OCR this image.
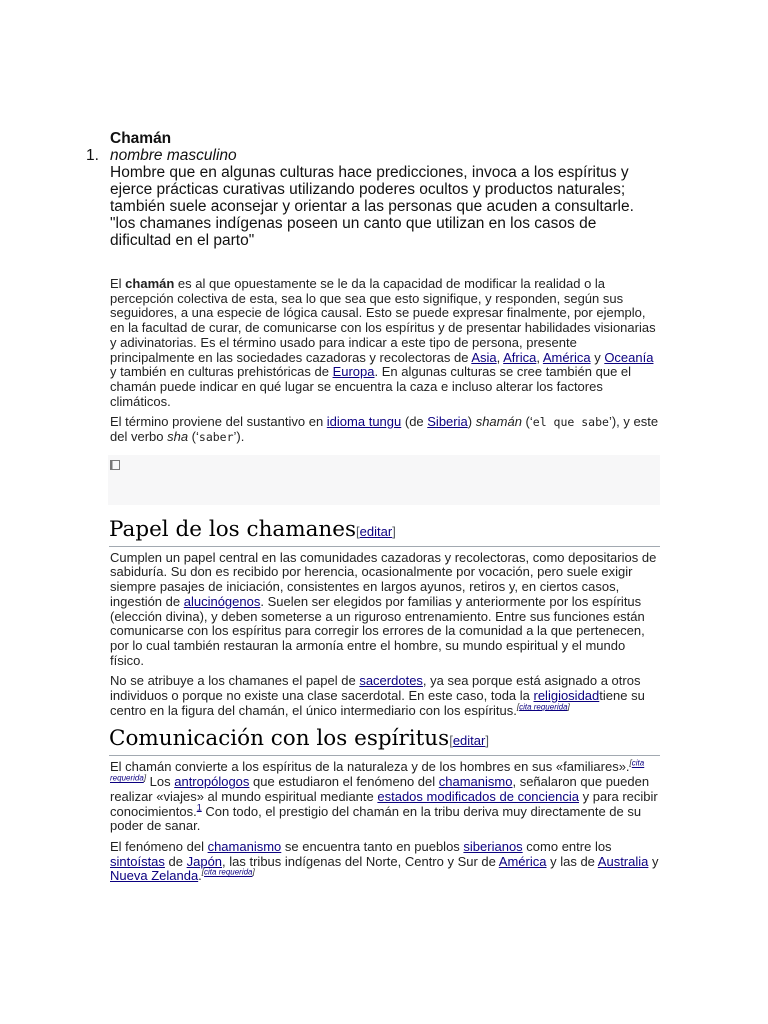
Chamán
1. nombre masculino
Hombre que en algunas culturas hace predicciones, invoca a los espíritus y ejerce prácticas curativas utilizando poderes ocultos y productos naturales; también suele aconsejar y orientar a las personas que acuden a consultarle.
"los chamanes indígenas poseen un canto que utilizan en los casos de dificultad en el parto"

El chamán es al que opuestamente se le da la capacidad de modificar la realidad o la percepción colectiva de esta, sea lo que sea que esto signifique, y responden, según sus seguidores, a una especie de lógica causal. Esto se puede expresar finalmente, por ejemplo, en la facultad de curar, de comunicarse con los espíritus y de presentar habilidades visionarias y adivinatorias. Es el término usado para indicar a este tipo de persona, presente principalmente en las sociedades cazadoras y recolectoras de Asia, Africa, América y Oceanía y también en culturas prehistóricas de Europa. En algunas culturas se cree también que el chamán puede indicar en qué lugar se encuentra la caza e incluso alterar los factores climáticos.

El término proviene del sustantivo en idioma tungu (de Siberia) shamán (‘el que sabe’), y este del verbo sha (‘saber’).

Papel de los chamanes[editar]

Cumplen un papel central en las comunidades cazadoras y recolectoras, como depositarios de sabiduría. Su don es recibido por herencia, ocasionalmente por vocación, pero suele exigir siempre pasajes de iniciación, consistentes en largos ayunos, retiros y, en ciertos casos, ingestión de alucinógenos. Suelen ser elegidos por familias y anteriormente por los espíritus (elección divina), y deben someterse a un riguroso entrenamiento. Entre sus funciones están comunicarse con los espíritus para corregir los errores de la comunidad a la que pertenecen, por lo cual también restauran la armonía entre el hombre, su mundo espiritual y el mundo físico.

No se atribuye a los chamanes el papel de sacerdotes, ya sea porque está asignado a otros individuos o porque no existe una clase sacerdotal. En este caso, toda la religiosidadtiene su centro en la figura del chamán, el único intermediario con los espíritus.[cita requerida]

Comunicación con los espíritus[editar]

El chamán convierte a los espíritus de la naturaleza y de los hombres en sus «familiares».[cita requerida] Los antropólogos que estudiaron el fenómeno del chamanismo, señalaron que pueden realizar «viajes» al mundo espiritual mediante estados modificados de conciencia y para recibir conocimientos.$^1$ Con todo, el prestigio del chamán en la tribu deriva muy directamente de su poder de sanar.

El fenómeno del chamanismo se encuentra tanto en pueblos siberianos como entre los sintoístas de Japón, las tribus indígenas del Norte, Centro y Sur de América y las de Australia y Nueva Zelanda.[cita requerida]
